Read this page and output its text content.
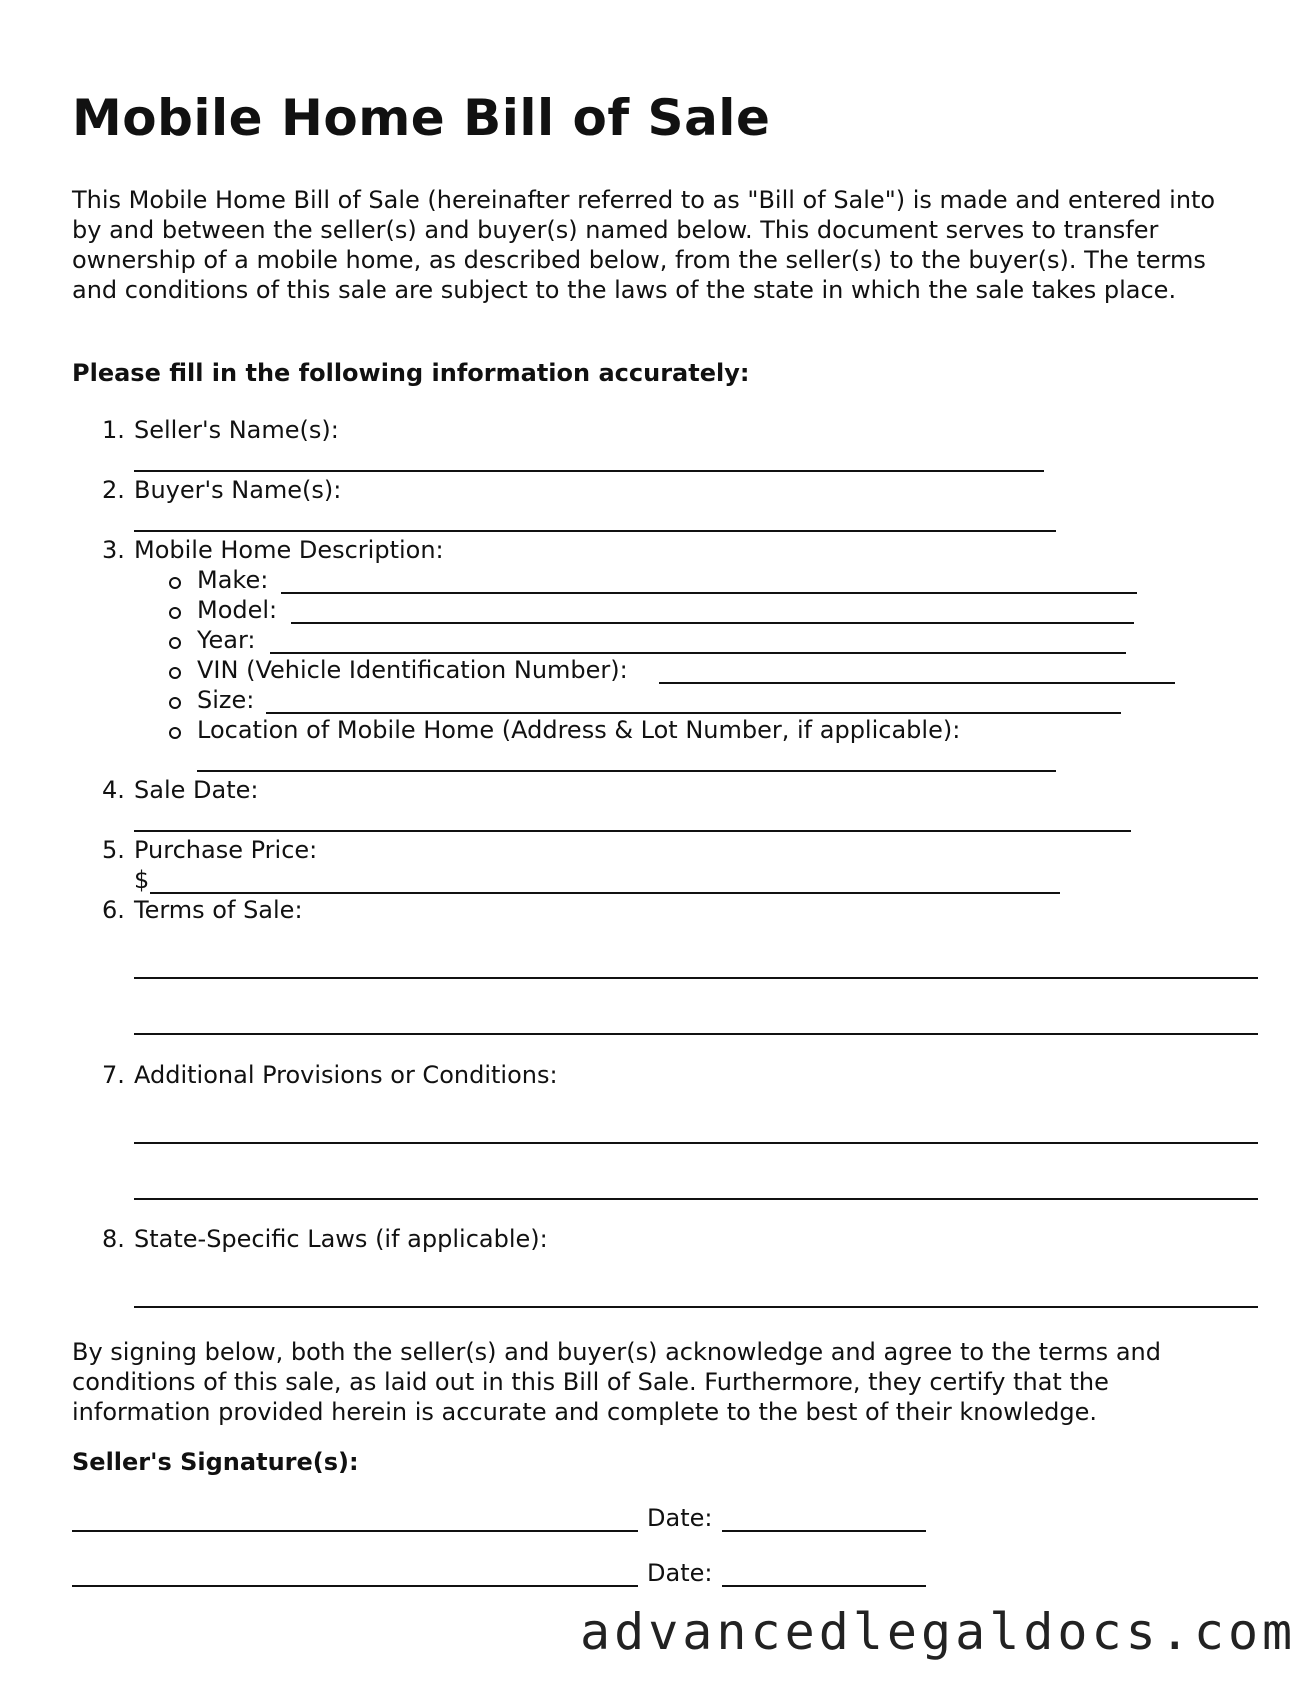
Mobile Home Bill of Sale

This Mobile Home Bill of Sale (hereinafter referred to as "Bill of Sale") is made and entered into by and between the seller(s) and buyer(s) named below. This document serves to transfer ownership of a mobile home, as described below, from the seller(s) to the buyer(s). The terms and conditions of this sale are subject to the laws of the state in which the sale takes place.

Please fill in the following information accurately:

1. Seller's Name(s):
2. Buyer's Name(s):
3. Mobile Home Description:
Make:
Model:
Year:
VIN (Vehicle Identification Number):
Size:
Location of Mobile Home (Address & Lot Number, if applicable):
4. Sale Date:
5. Purchase Price:
$
6. Terms of Sale:
7. Additional Provisions or Conditions:
8. State-Specific Laws (if applicable):

By signing below, both the seller(s) and buyer(s) acknowledge and agree to the terms and conditions of this sale, as laid out in this Bill of Sale. Furthermore, they certify that the information provided herein is accurate and complete to the best of their knowledge.

Seller's Signature(s):

Date:
Date:
advancedlegaldocs.com
